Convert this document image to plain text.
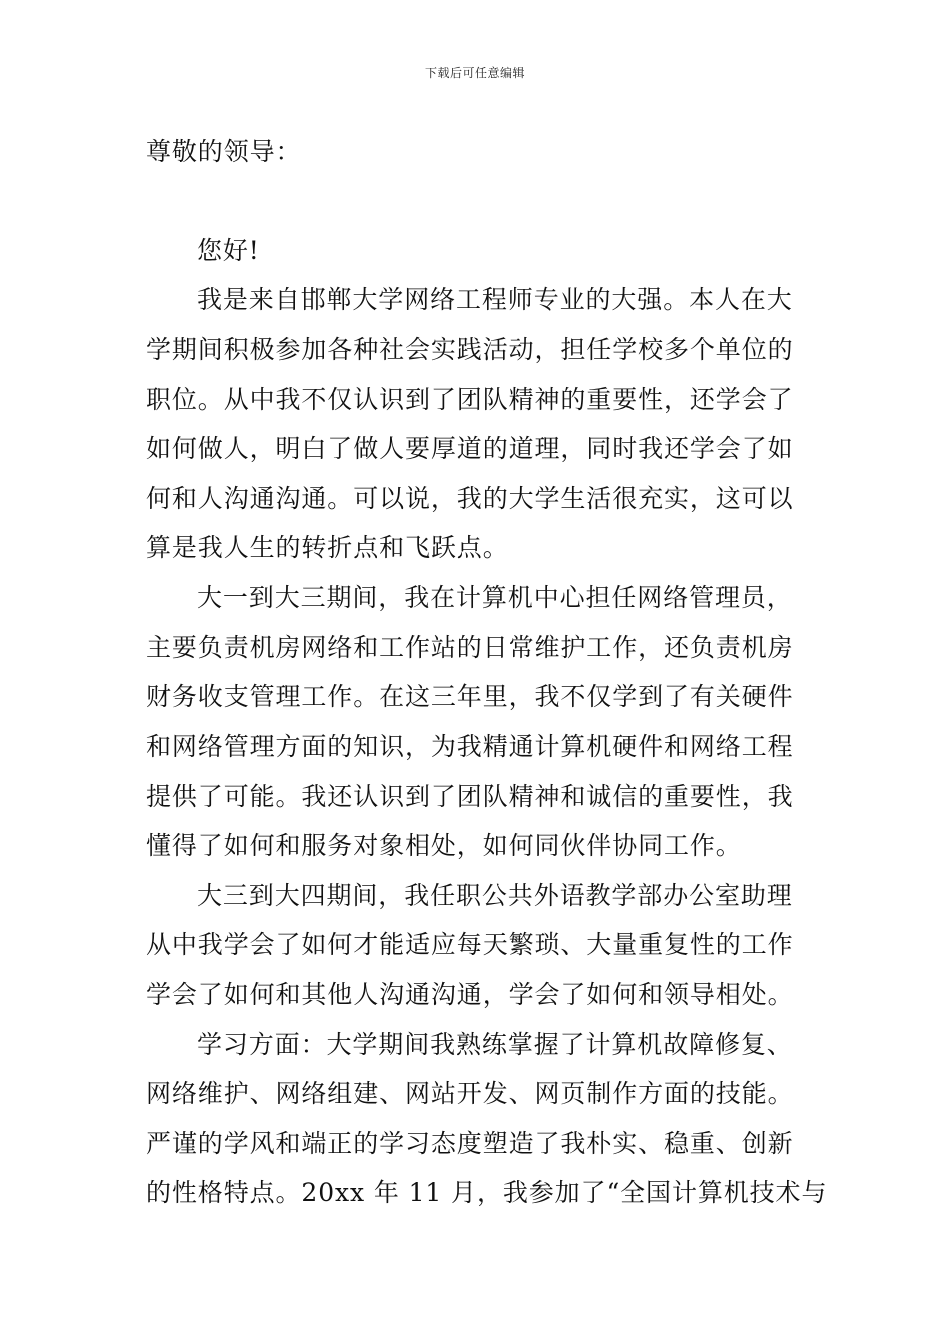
下载后可任意编辑
尊敬的领导：
您好!
我是来自邯郸大学网络工程师专业的大强。本人在大
学期间积极参加各种社会实践活动，担任学校多个单位的
职位。从中我不仅认识到了团队精神的重要性，还学会了
如何做人，明白了做人要厚道的道理，同时我还学会了如
何和人沟通沟通。可以说，我的大学生活很充实，这可以
算是我人生的转折点和飞跃点。
大一到大三期间，我在计算机中心担任网络管理员，
主要负责机房网络和工作站的日常维护工作，还负责机房
财务收支管理工作。在这三年里，我不仅学到了有关硬件
和网络管理方面的知识，为我精通计算机硬件和网络工程
提供了可能。我还认识到了团队精神和诚信的重要性，我
懂得了如何和服务对象相处，如何同伙伴协同工作。
大三到大四期间，我任职公共外语教学部办公室助理
从中我学会了如何才能适应每天繁琐、大量重复性的工作
学会了如何和其他人沟通沟通，学会了如何和领导相处。
学习方面：大学期间我熟练掌握了计算机故障修复、
网络维护、网络组建、网站开发、网页制作方面的技能。
严谨的学风和端正的学习态度塑造了我朴实、稳重、创新
的性格特点。20xx 年 11 月，我参加了“全国计算机技术与
